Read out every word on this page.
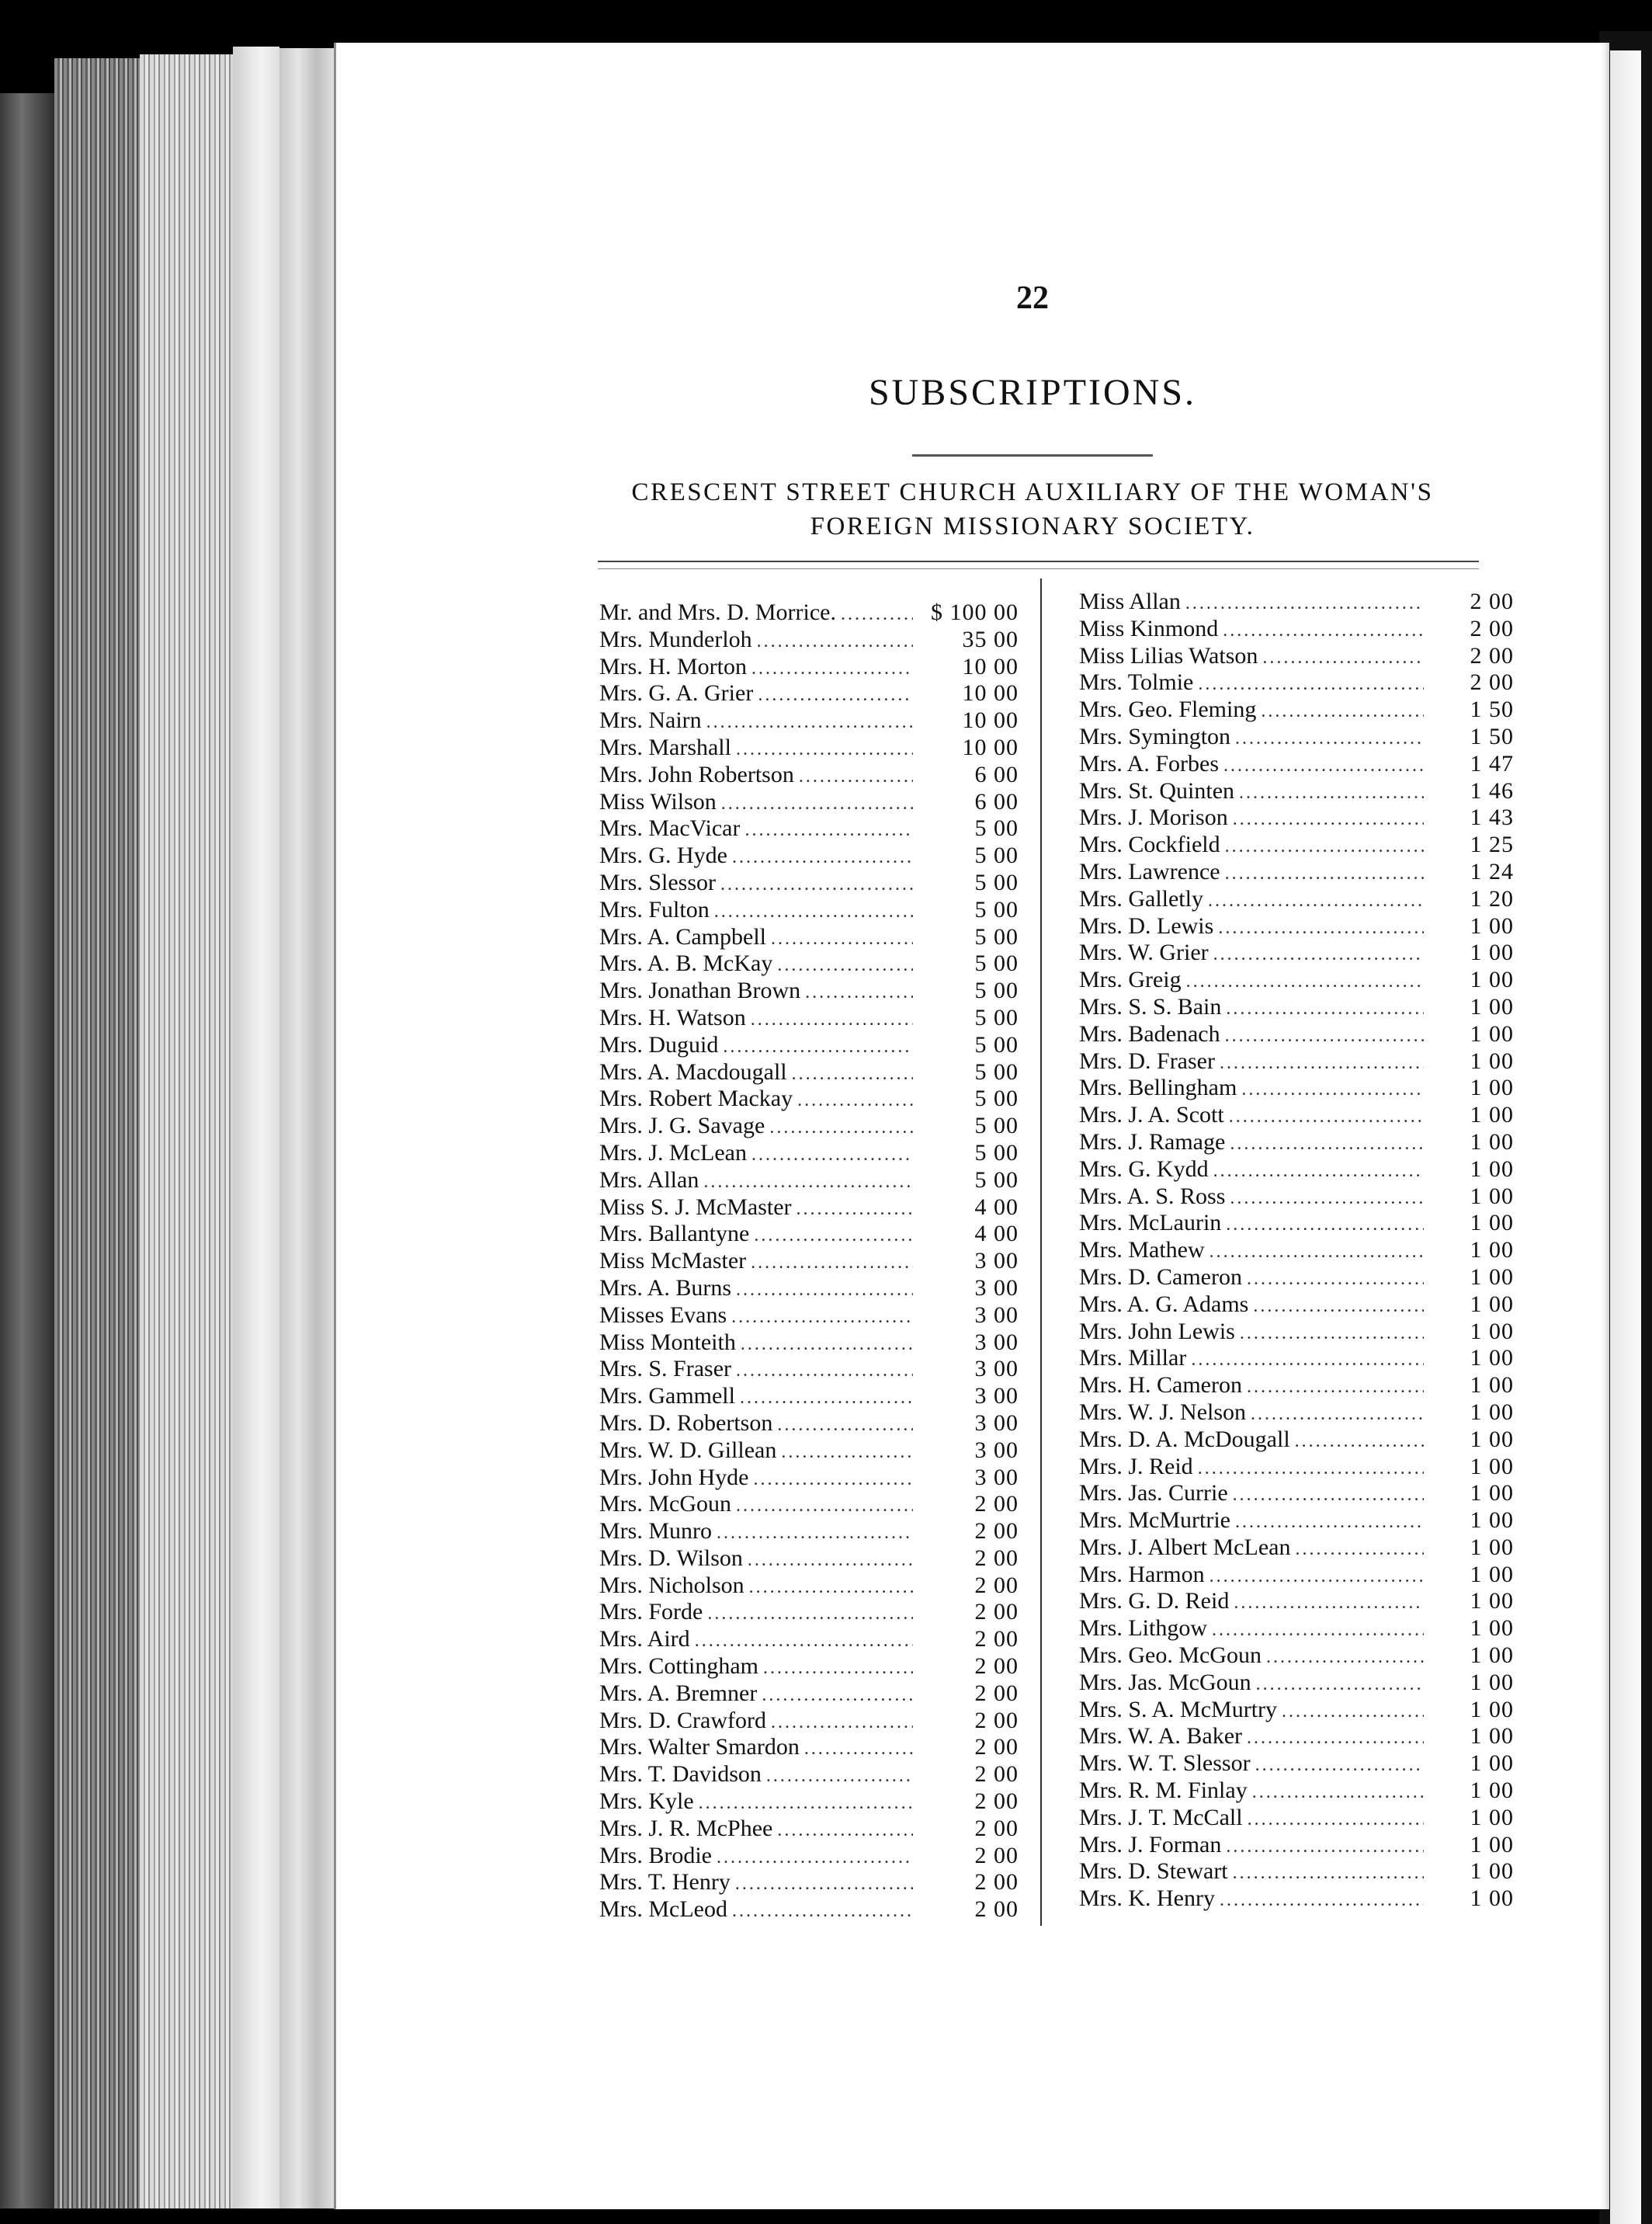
22
SUBSCRIPTIONS.
CRESCENT STREET CHURCH AUXILIARY OF THE WOMAN'S
FOREIGN MISSIONARY SOCIETY.
Mr. and Mrs. D. Morrice. .....	$ 100 00
Mrs. Munderloh .....	35 00
Mrs. H. Morton .....	10 00
Mrs. G. A. Grier .....	10 00
Mrs. Nairn .....	10 00
Mrs. Marshall .....	10 00
Mrs. John Robertson .....	6 00
Miss Wilson .....	6 00
Mrs. MacVicar .....	5 00
Mrs. G. Hyde .....	5 00
Mrs. Slessor .....	5 00
Mrs. Fulton .....	5 00
Mrs. A. Campbell .....	5 00
Mrs. A. B. McKay .....	5 00
Mrs. Jonathan Brown .....	5 00
Mrs. H. Watson .....	5 00
Mrs. Duguid .....	5 00
Mrs. A. Macdougall .....	5 00
Mrs. Robert Mackay .....	5 00
Mrs. J. G. Savage .....	5 00
Mrs. J. McLean .....	5 00
Mrs. Allan .....	5 00
Miss S. J. McMaster .....	4 00
Mrs. Ballantyne .....	4 00
Miss McMaster .....	3 00
Mrs. A. Burns .....	3 00
Misses Evans .....	3 00
Miss Monteith .....	3 00
Mrs. S. Fraser .....	3 00
Mrs. Gammell .....	3 00
Mrs. D. Robertson .....	3 00
Mrs. W. D. Gillean .....	3 00
Mrs. John Hyde .....	3 00
Mrs. McGoun .....	2 00
Mrs. Munro .....	2 00
Mrs. D. Wilson .....	2 00
Mrs. Nicholson .....	2 00
Mrs. Forde .....	2 00
Mrs. Aird .....	2 00
Mrs. Cottingham .....	2 00
Mrs. A. Bremner .....	2 00
Mrs. D. Crawford .....	2 00
Mrs. Walter Smardon .....	2 00
Mrs. T. Davidson .....	2 00
Mrs. Kyle .....	2 00
Mrs. J. R. McPhee .....	2 00
Mrs. Brodie .....	2 00
Mrs. T. Henry .....	2 00
Mrs. McLeod .....	2 00
Miss Allan .....	2 00
Miss Kinmond .....	2 00
Miss Lilias Watson .....	2 00
Mrs. Tolmie .....	2 00
Mrs. Geo. Fleming .....	1 50
Mrs. Symington .....	1 50
Mrs. A. Forbes .....	1 47
Mrs. St. Quinten .....	1 46
Mrs. J. Morison .....	1 43
Mrs. Cockfield .....	1 25
Mrs. Lawrence .....	1 24
Mrs. Galletly .....	1 20
Mrs. D. Lewis .....	1 00
Mrs. W. Grier .....	1 00
Mrs. Greig .....	1 00
Mrs. S. S. Bain .....	1 00
Mrs. Badenach .....	1 00
Mrs. D. Fraser .....	1 00
Mrs. Bellingham .....	1 00
Mrs. J. A. Scott .....	1 00
Mrs. J. Ramage .....	1 00
Mrs. G. Kydd .....	1 00
Mrs. A. S. Ross .....	1 00
Mrs. McLaurin .....	1 00
Mrs. Mathew .....	1 00
Mrs. D. Cameron .....	1 00
Mrs. A. G. Adams .....	1 00
Mrs. John Lewis .....	1 00
Mrs. Millar .....	1 00
Mrs. H. Cameron .....	1 00
Mrs. W. J. Nelson .....	1 00
Mrs. D. A. McDougall .....	1 00
Mrs. J. Reid .....	1 00
Mrs. Jas. Currie .....	1 00
Mrs. McMurtrie .....	1 00
Mrs. J. Albert McLean .....	1 00
Mrs. Harmon .....	1 00
Mrs. G. D. Reid .....	1 00
Mrs. Lithgow .....	1 00
Mrs. Geo. McGoun .....	1 00
Mrs. Jas. McGoun .....	1 00
Mrs. S. A. McMurtry .....	1 00
Mrs. W. A. Baker .....	1 00
Mrs. W. T. Slessor .....	1 00
Mrs. R. M. Finlay .....	1 00
Mrs. J. T. McCall .....	1 00
Mrs. J. Forman .....	1 00
Mrs. D. Stewart .....	1 00
Mrs. K. Henry .....	1 00
